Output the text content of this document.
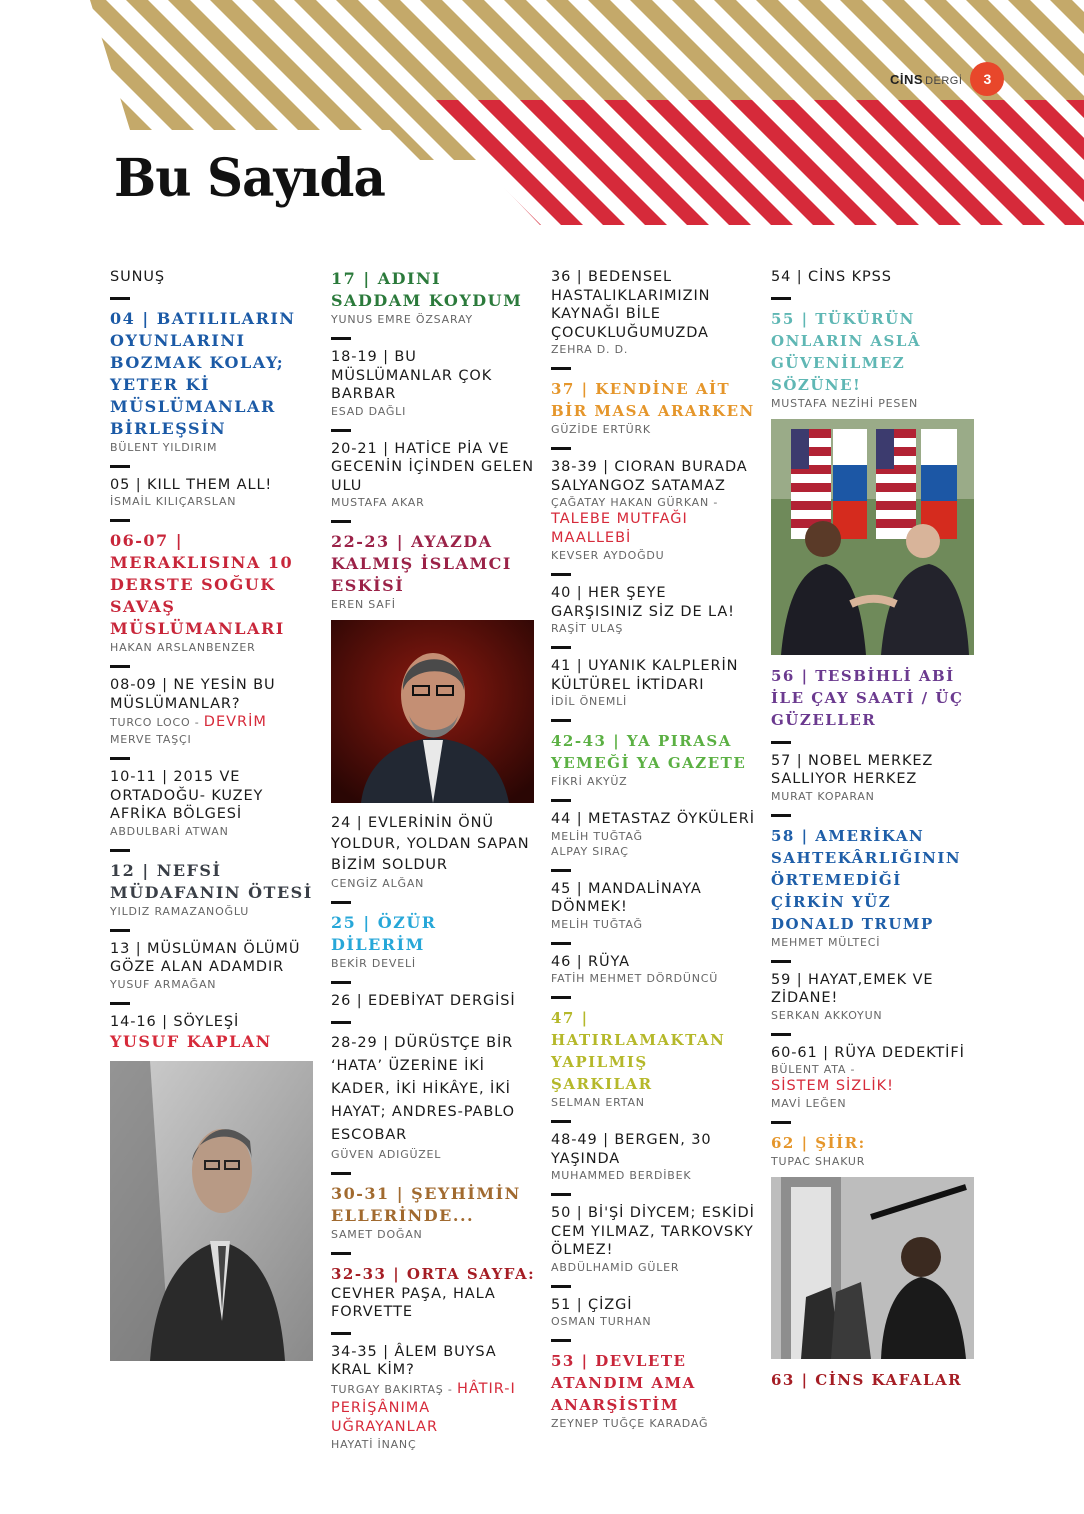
CİNS DERGİ	3
Bu Sayıda
SUNUŞ
04 | BATILILARIN OYUNLARINI BOZMAK KOLAY; YETER Kİ MÜSLÜMANLAR BİRLEŞSİN
BÜLENT YILDIRIM
05 | KILL THEM ALL!
İSMAİL KILIÇARSLAN
06-07 | MERAKLISINA 10 DERSTE SOĞUK SAVAŞ MÜSLÜMANLARI
HAKAN ARSLANBENZER
08-09 | NE YESİN BU MÜSLÜMANLAR?
TURCO LOCO - DEVRİM
MERVE TAŞÇI
10-11 | 2015 VE ORTADOĞU- KUZEY AFRİKA BÖLGESİ
ABDULBARİ ATWAN
12 | NEFSİ MÜDAFANIN ÖTESİ
YILDIZ RAMAZANOĞLU
13 | MÜSLÜMAN ÖLÜMÜ GÖZE ALAN ADAMDIR
YUSUF ARMAĞAN
14-16 | SÖYLEŞİ
YUSUF KAPLAN
17 | ADINI SADDAM KOYDUM
YUNUS EMRE ÖZSARAY
18-19 | BU MÜSLÜMANLAR ÇOK BARBAR
ESAD DAĞLI
20-21 | HATİCE PİA VE GECENİN İÇİNDEN GELEN ULU
MUSTAFA AKAR
22-23 | AYAZDA KALMIŞ İSLAMCI ESKİSİ
EREN SAFİ
24 | EVLERİNİN ÖNÜ YOLDUR, YOLDAN SAPAN BİZİM SOLDUR
CENGİZ ALĞAN
25 | ÖZÜR DİLERİM
BEKİR DEVELİ
26 | EDEBİYAT DERGİSİ
28-29 | DÜRÜSTÇE BİR ‘HATA’ ÜZERİNE İKİ KADER, İKİ HİKÂYE, İKİ HAYAT; ANDRES-PABLO ESCOBAR
GÜVEN ADIGÜZEL
30-31 | ŞEYHİMİN ELLERİNDE...
SAMET DOĞAN
32-33 | ORTA SAYFA:
CEVHER PAŞA, HALA FORVETTE
34-35 | ÂLEM BUYSA KRAL KİM?
TURGAY BAKIRTAŞ - HÂTIR-I PERİŞÂNIMA UĞRAYANLAR
HAYATİ İNANÇ
36 | BEDENSEL HASTALIKLARIMIZIN KAYNAĞI BİLE ÇOCUKLUĞUMUZDA
ZEHRA D. D.
37 | KENDİNE AİT BİR MASA ARARKEN
GÜZİDE ERTÜRK
38-39 | CIORAN BURADA SALYANGOZ SATAMAZ
ÇAĞATAY HAKAN GÜRKAN -
TALEBE MUTFAĞI MAALLEBİ
KEVSER AYDOĞDU
40 | HER ŞEYE GARŞISINIZ SİZ DE LA!
RAŞİT ULAŞ
41 | UYANIK KALPLERİN KÜLTÜREL İKTİDARI
İDİL ÖNEMLİ
42-43 | YA PIRASA YEMEĞİ YA GAZETE
FİKRİ AKYÜZ
44 | METASTAZ ÖYKÜLERİ
MELİH TUĞTAĞ
ALPAY SIRAÇ
45 | MANDALİNAYA DÖNMEK!
MELİH TUĞTAĞ
46 | RÜYA
FATİH MEHMET DÖRDÜNCÜ
47 | HATIRLAMAKTAN YAPILMIŞ ŞARKILAR
SELMAN ERTAN
48-49 | BERGEN, 30 YAŞINDA
MUHAMMED BERDİBEK
50 | Bİ'Şİ DİYCEM; ESKİDİ CEM YILMAZ, TARKOVSKY ÖLMEZ!
ABDÜLHAMİD GÜLER
51 | ÇİZGİ
OSMAN TURHAN
53 | DEVLETE ATANDIM AMA ANARŞİSTİM
ZEYNEP TUĞÇE KARADAĞ
54 | CİNS KPSS
55 | TÜKÜRÜN ONLARIN ASLÂ GÜVENİLMEZ SÖZÜNE!
MUSTAFA NEZİHİ PESEN
56 | TESBİHLİ ABİ İLE ÇAY SAATİ / ÜÇ GÜZELLER
57 | NOBEL MERKEZ SALLIYOR HERKEZ
MURAT KOPARAN
58 | AMERİKAN SAHTEKÂRLIĞININ ÖRTEMEDİĞİ ÇİRKİN YÜZ DONALD TRUMP
MEHMET MÜLTECİ
59 | HAYAT,EMEK VE ZİDANE!
SERKAN AKKOYUN
60-61 | RÜYA DEDEKTİFİ
BÜLENT ATA -
SİSTEM SİZLİK!
MAVİ LEĞEN
62 | ŞİİR:
TUPAC SHAKUR
63 | CİNS KAFALAR
